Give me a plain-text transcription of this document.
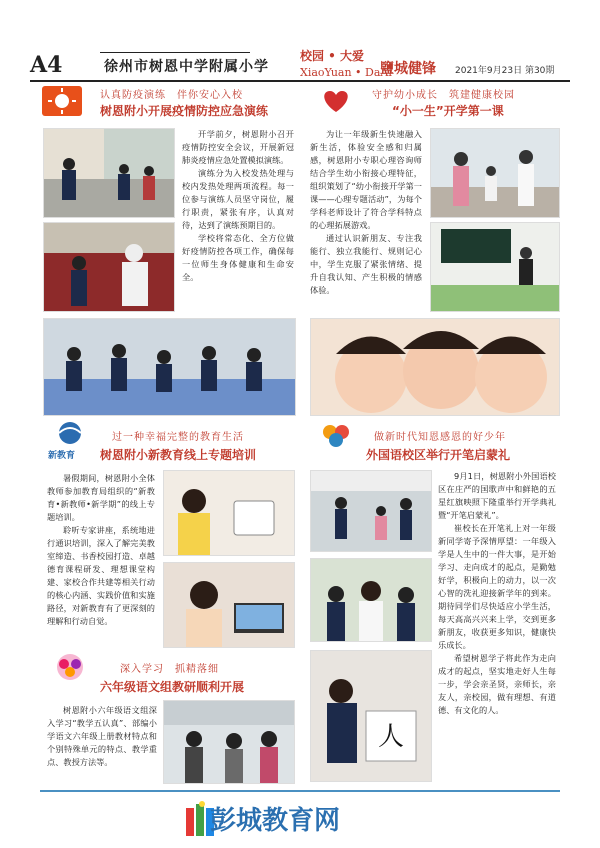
A4	徐州市树恩中学附属小学
校园 • 大爱
XiaoYuan • DaAi
鹽城健锋 2021年9月23日 第30期
认真防疫演练　伴你安心入校
树恩附小开展疫情防控应急演练

开学前夕，树恩附小召开疫情防控安全会议，开展新冠肺炎疫情应急处置模拟演练。

演练分为入校发热处理与校内发热处理两项流程。每一位参与演练人员坚守岗位，履行职责，紧张有序，认真对待，达到了演练预期目的。

学校将常态化、全方位做好疫情防控各项工作，确保每一位师生身体健康和生命安全。

守护幼小成长　筑建健康校园
“小一生”开学第一课

为让一年级新生快速融入新生活，体验安全感和归属感，树恩附小专职心理咨询师结合学生幼小衔接心理特征，组织策划了“幼小衔接开学第一课——心理专题活动”，为每个学科老师设计了符合学科特点的心理拓展游戏。

通过认识新朋友、专注我能行、独立我能行、规则记心中，学生克服了紧张情绪、提升自我认知、产生积极的情感体验。

新教育
过一种幸福完整的教育生活
树恩附小新教育线上专题培训

暑假期间，树恩附小全体教师参加教育局组织的“新教育•新教师•新学期”的线上专题培训。

聆听专家讲座，系统地进行通识培训，深入了解完美教室缔造、书香校园打造、卓越德育课程研发、理想课堂构建、家校合作共建等相关行动的核心内涵、实践价值和实施路径，对新教育有了更深刻的理解和行动自觉。

做新时代知恩感恩的好少年
外国语校区举行开笔启蒙礼
人

9月1日，树恩附小外国语校区在庄严的国歌声中和鲜艳的五星红旗映照下隆重举行开学典礼暨“开笔启蒙礼”。

崔校长在开笔礼上对一年级新同学寄予深情厚望：一年级入学是人生中的一件大事，是开始学习、走向成才的起点，是勤勉好学，积极向上的动力，以一次心智的洗礼迎接新学年的到来。期待同学们尽快适应小学生活，每天高高兴兴来上学，交到更多新朋友，收获更多知识，健康快乐成长。

希望树恩学子将此作为走向成才的起点，坚实地走好人生每一步，学会亲圣贤，亲师长，亲友人，亲校园，做有理想、有道德、有文化的人。

深入学习　抓精落细
六年级语文组教研顺利开展

树恩附小六年级语文组深入学习“教学五认真”、部编小学语文六年级上册教材特点和个别特殊单元的特点、教学重点、教授方法等。

彭城教育网
